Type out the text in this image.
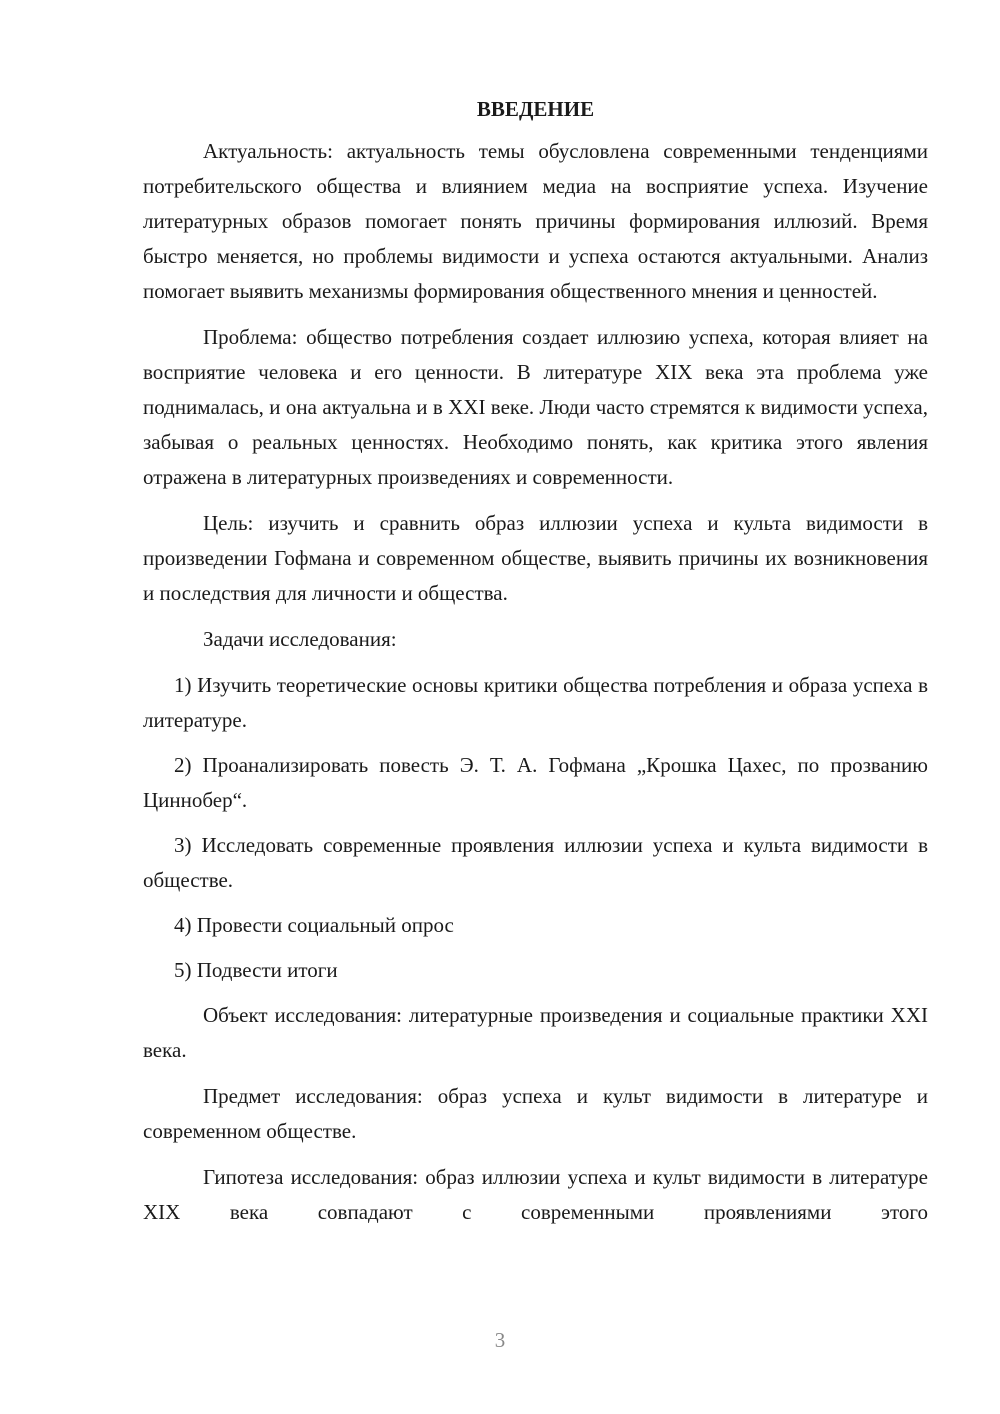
ВВЕДЕНИЕ

Актуальность: актуальность темы обусловлена современными тенденциями потребительского общества и влиянием медиа на восприятие успеха. Изучение литературных образов помогает понять причины формирования иллюзий. Время быстро меняется, но проблемы видимости и успеха остаются актуальными. Анализ помогает выявить механизмы формирования общественного мнения и ценностей.

Проблема: общество потребления создает иллюзию успеха, которая влияет на восприятие человека и его ценности. В литературе XIX века эта проблема уже поднималась, и она актуальна и в XXI веке. Люди часто стремятся к видимости успеха, забывая о реальных ценностях. Необходимо понять, как критика этого явления отражена в литературных произведениях и современности.

Цель: изучить и сравнить образ иллюзии успеха и культа видимости в произведении Гофмана и современном обществе, выявить причины их возникновения и последствия для личности и общества.

Задачи исследования:

1) Изучить теоретические основы критики общества потребления и образа успеха в литературе.

2) Проанализировать повесть Э. Т. А. Гофмана „Крошка Цахес, по прозванию Циннобер“.

3) Исследовать современные проявления иллюзии успеха и культа видимости в обществе.

4) Провести социальный опрос

5) Подвести итоги

Объект исследования: литературные произведения и социальные практики XXI века.

Предмет исследования: образ успеха и культ видимости в литературе и современном обществе.

Гипотеза исследования: образ иллюзии успеха и культ видимости в литературе XIX века совпадают с современными проявлениями этого

3
